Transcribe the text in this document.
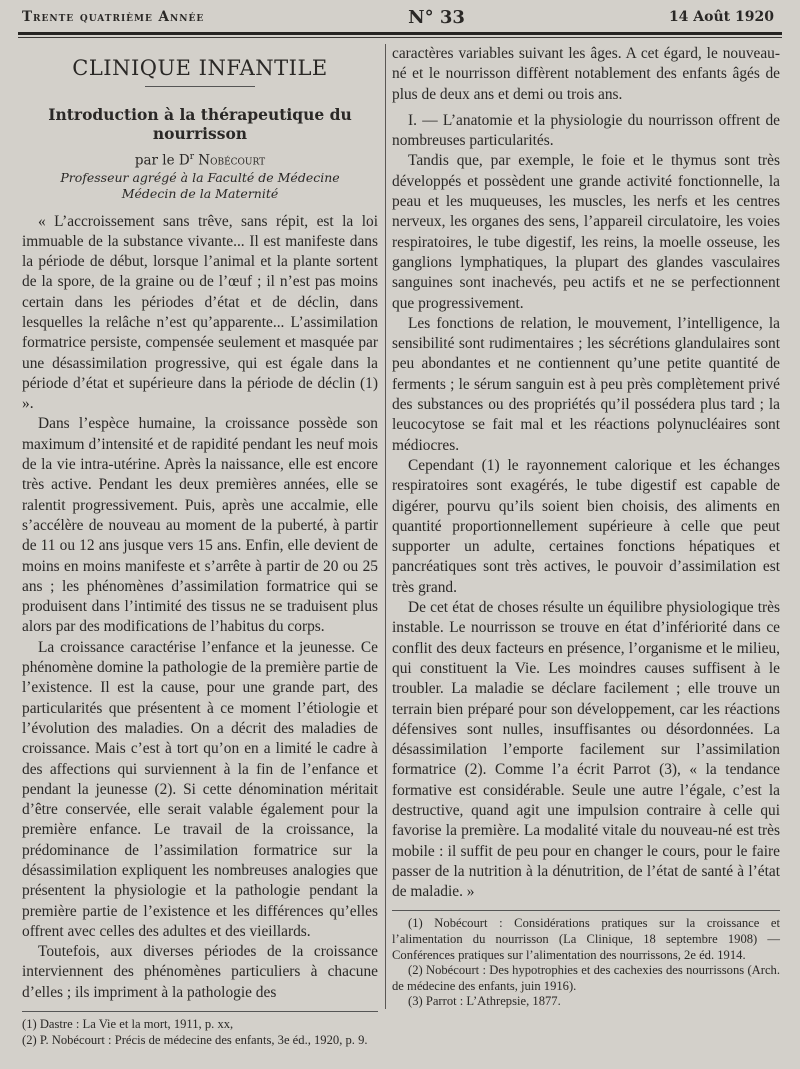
Trente quatrième Année	N° 33	14 Août 1920
CLINIQUE INFANTILE
Introduction à la thérapeutique du nourrisson

par le $D^r$ Nobécourt

Professeur agrégé à la Faculté de Médecine
Médecin de la Maternité

« L’accroissement sans trêve, sans répit, est la loi immuable de la substance vivante... Il est manifeste dans la période de début, lorsque l’animal et la plante sortent de la spore, de la graine ou de l’œuf ; il n’est pas moins certain dans les périodes d’état et de déclin, dans lesquelles la relâche n’est qu’apparente... L’assimilation formatrice persiste, compensée seulement et masquée par une désassimilation progressive, qui est égale dans la période d’état et supérieure dans la période de déclin (1) ».

Dans l’espèce humaine, la croissance possède son maximum d’intensité et de rapidité pendant les neuf mois de la vie intra-utérine. Après la naissance, elle est encore très active. Pendant les deux premières années, elle se ralentit progressivement. Puis, après une accalmie, elle s’accélère de nouveau au moment de la puberté, à partir de 11 ou 12 ans jusque vers 15 ans. Enfin, elle devient de moins en moins manifeste et s’arrête à partir de 20 ou 25 ans ; les phénomènes d’assimilation formatrice qui se produisent dans l’intimité des tissus ne se traduisent plus alors par des modifications de l’habitus du corps.

La croissance caractérise l’enfance et la jeunesse. Ce phénomène domine la pathologie de la première partie de l’existence. Il est la cause, pour une grande part, des particularités que présentent à ce moment l’étiologie et l’évolution des maladies. On a décrit des maladies de croissance. Mais c’est à tort qu’on en a limité le cadre à des affections qui surviennent à la fin de l’enfance et pendant la jeunesse (2). Si cette dénomination méritait d’être conservée, elle serait valable également pour la première enfance. Le travail de la croissance, la prédominance de l’assimilation formatrice sur la désassimilation expliquent les nombreuses analogies que présentent la physiologie et la pathologie pendant la première partie de l’existence et les différences qu’elles offrent avec celles des adultes et des vieillards.

Toutefois, aux diverses périodes de la croissance interviennent des phénomènes particuliers à chacune d’elles ; ils impriment à la pathologie des

(1) Dastre : La Vie et la mort, 1911, p. xx,

(2) P. Nobécourt : Précis de médecine des enfants, 3e éd., 1920, p. 9.

caractères variables suivant les âges. A cet égard, le nouveau-né et le nourrisson diffèrent notablement des enfants âgés de plus de deux ans et demi ou trois ans.

I. — L’anatomie et la physiologie du nourrisson offrent de nombreuses particularités.

Tandis que, par exemple, le foie et le thymus sont très développés et possèdent une grande activité fonctionnelle, la peau et les muqueuses, les muscles, les nerfs et les centres nerveux, les organes des sens, l’appareil circulatoire, les voies respiratoires, le tube digestif, les reins, la moelle osseuse, les ganglions lymphatiques, la plupart des glandes vasculaires sanguines sont inachevés, peu actifs et ne se perfectionnent que progressivement.

Les fonctions de relation, le mouvement, l’intelligence, la sensibilité sont rudimentaires ; les sécrétions glandulaires sont peu abondantes et ne contiennent qu’une petite quantité de ferments ; le sérum sanguin est à peu près complètement privé des substances ou des propriétés qu’il possédera plus tard ; la leucocytose se fait mal et les réactions polynucléaires sont médiocres.

Cependant (1) le rayonnement calorique et les échanges respiratoires sont exagérés, le tube digestif est capable de digérer, pourvu qu’ils soient bien choisis, des aliments en quantité proportionnellement supérieure à celle que peut supporter un adulte, certaines fonctions hépatiques et pancréatiques sont très actives, le pouvoir d’assimilation est très grand.

De cet état de choses résulte un équilibre physiologique très instable. Le nourrisson se trouve en état d’infériorité dans ce conflit des deux facteurs en présence, l’organisme et le milieu, qui constituent la Vie. Les moindres causes suffisent à le troubler. La maladie se déclare facilement ; elle trouve un terrain bien préparé pour son développement, car les réactions défensives sont nulles, insuffisantes ou désordonnées. La désassimilation l’emporte facilement sur l’assimilation formatrice (2). Comme l’a écrit Parrot (3), « la tendance formative est considérable. Seule une autre l’égale, c’est la destructive, quand agit une impulsion contraire à celle qui favorise la première. La modalité vitale du nouveau-né est très mobile : il suffit de peu pour en changer le cours, pour le faire passer de la nutrition à la dénutrition, de l’état de santé à l’état de maladie. »

(1) Nobécourt : Considérations pratiques sur la croissance et l’alimentation du nourrisson (La Clinique, 18 septembre 1908) — Conférences pratiques sur l’alimentation des nourrissons, 2e éd. 1914.

(2) Nobécourt : Des hypotrophies et des cachexies des nourrissons (Arch. de médecine des enfants, juin 1916).

(3) Parrot : L’Athrepsie, 1877.
